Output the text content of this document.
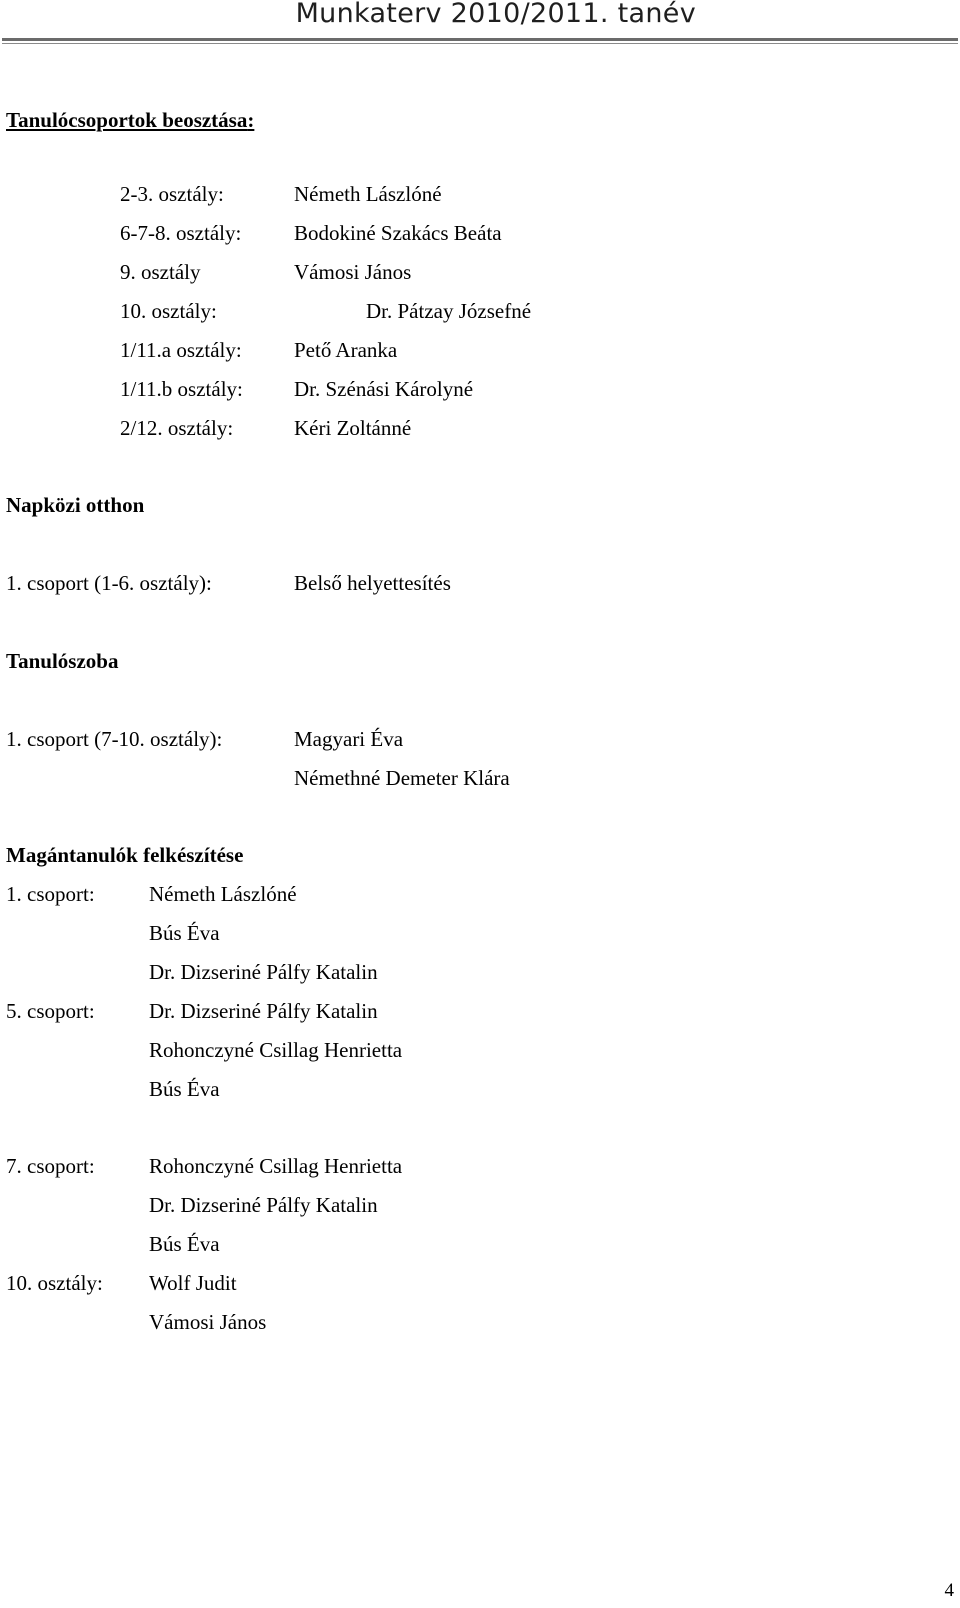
Munkaterv 2010/2011. tanév
Tanulócsoportok beosztása:
2-3. osztály:	Németh Lászlóné
6-7-8. osztály:	Bodokiné Szakács Beáta
9. osztály	Vámosi János
10. osztály:	Dr. Pátzay Józsefné
1/11.a osztály: Pető Aranka
1/11.b osztály: Dr. Szénási Károlyné
2/12. osztály:	Kéri Zoltánné
Napközi otthon
1. csoport (1-6. osztály):	Belső helyettesítés
Tanulószoba
1. csoport (7-10. osztály):	Magyari Éva
Némethné Demeter Klára
Magántanulók felkészítése
1. csoport:	Németh Lászlóné
Bús Éva
Dr. Dizseriné Pálfy Katalin
5. csoport:	Dr. Dizseriné Pálfy Katalin
Rohonczyné Csillag Henrietta
Bús Éva
7. csoport:	Rohonczyné Csillag Henrietta
Dr. Dizseriné Pálfy Katalin
Bús Éva
10. osztály: Wolf Judit
Vámosi János
4
